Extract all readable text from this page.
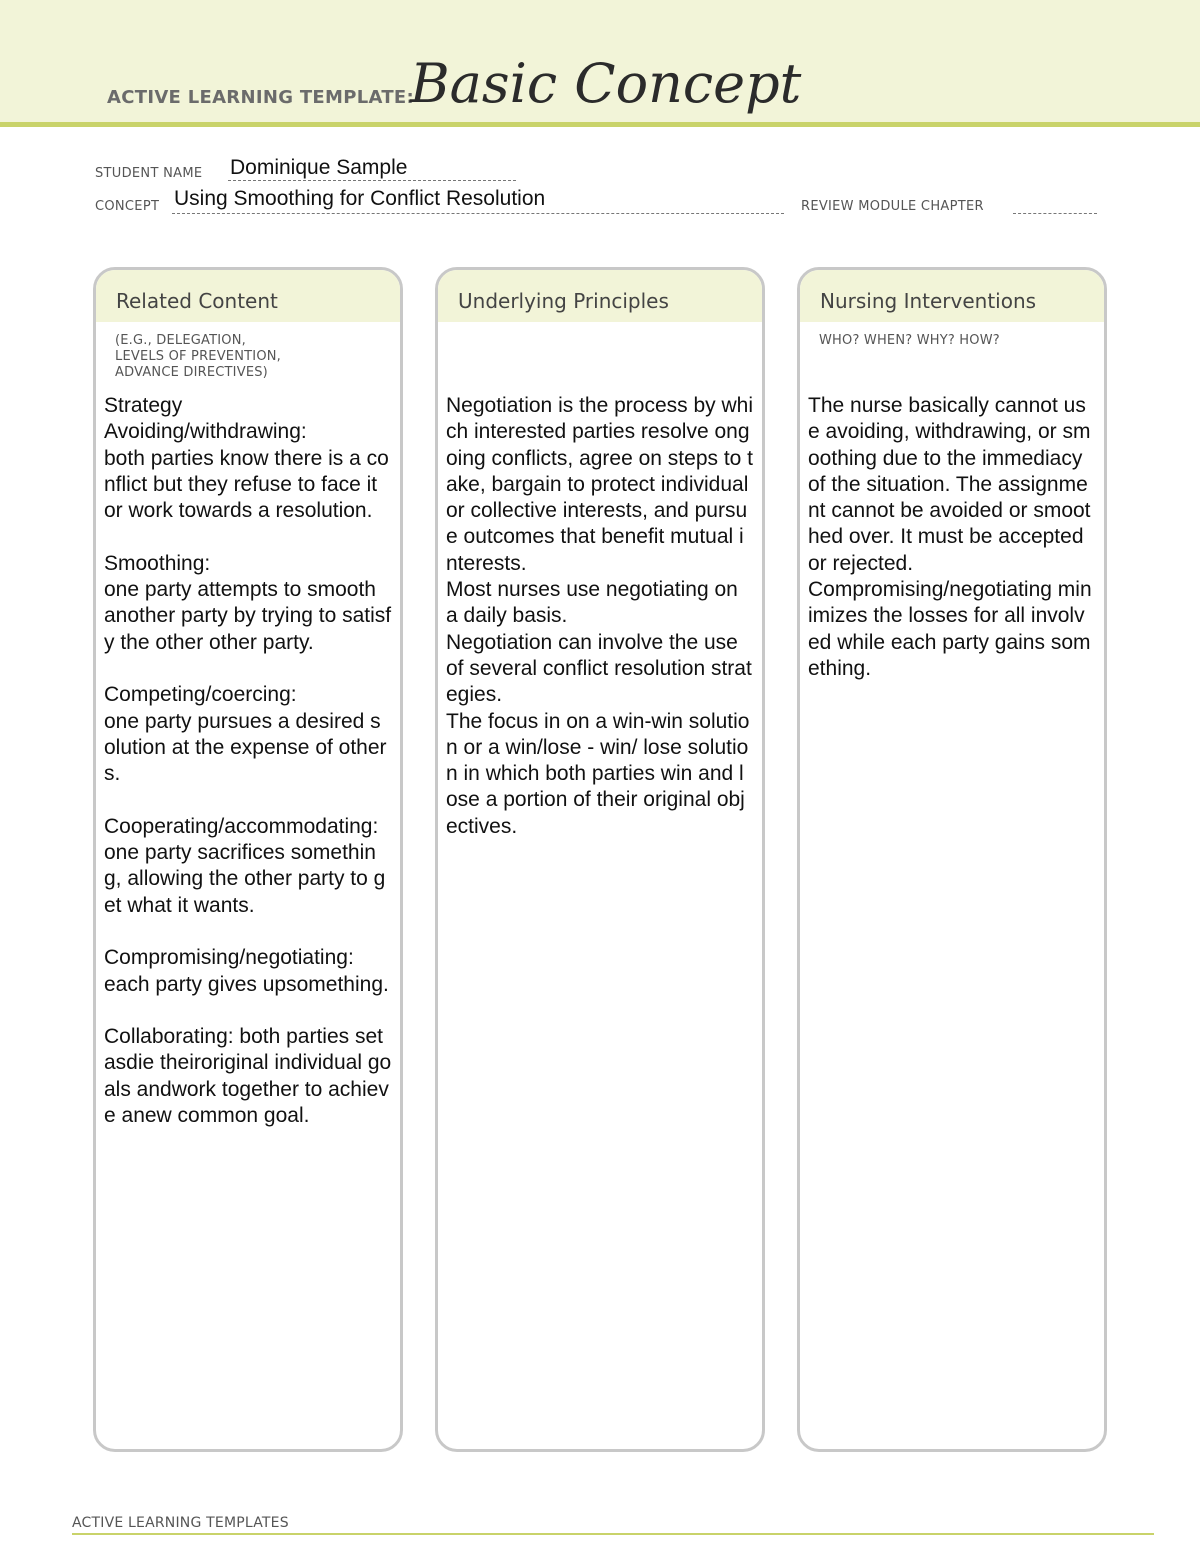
ACTIVE LEARNING TEMPLATE:
Basic Concept
STUDENT NAME Dominique Sample
CONCEPT Using Smoothing for Conflict Resolution	REVIEW MODULE CHAPTER
Related Content
(E.G., DELEGATION,
LEVELS OF PREVENTION,
ADVANCE DIRECTIVES)
Strategy
Avoiding/withdrawing:
both parties know there is a conflict but they refuse to face it or work towards a resolution.

Smoothing:
one party attempts to smooth another party by trying to satisfy the other other party.

Competing/coercing:
one party pursues a desired solution at the expense of others.

Cooperating/accommodating:
one party sacrifices something, allowing the other party to get what it wants.

Compromising/negotiating:
each party gives upsomething.

Collaborating: both parties set asdie theiroriginal individual goals andwork together to achieve anew common goal.
Underlying Principles
Negotiation is the process by which interested parties resolve ongoing conflicts, agree on steps to take, bargain to protect individual or collective interests, and pursue outcomes that benefit mutual interests.
Most nurses use negotiating on a daily basis.
Negotiation can involve the use of several conflict resolution strategies.
The focus in on a win-win solution or a win/lose - win/ lose solution in which both parties win and lose a portion of their original objectives.
Nursing Interventions
WHO? WHEN? WHY? HOW?
The nurse basically cannot use avoiding, withdrawing, or smoothing due to the immediacy of the situation. The assignment cannot be avoided or smoothed over. It must be accepted or rejected.
Compromising/negotiating minimizes the losses for all involved while each party gains something.
ACTIVE LEARNING TEMPLATES
